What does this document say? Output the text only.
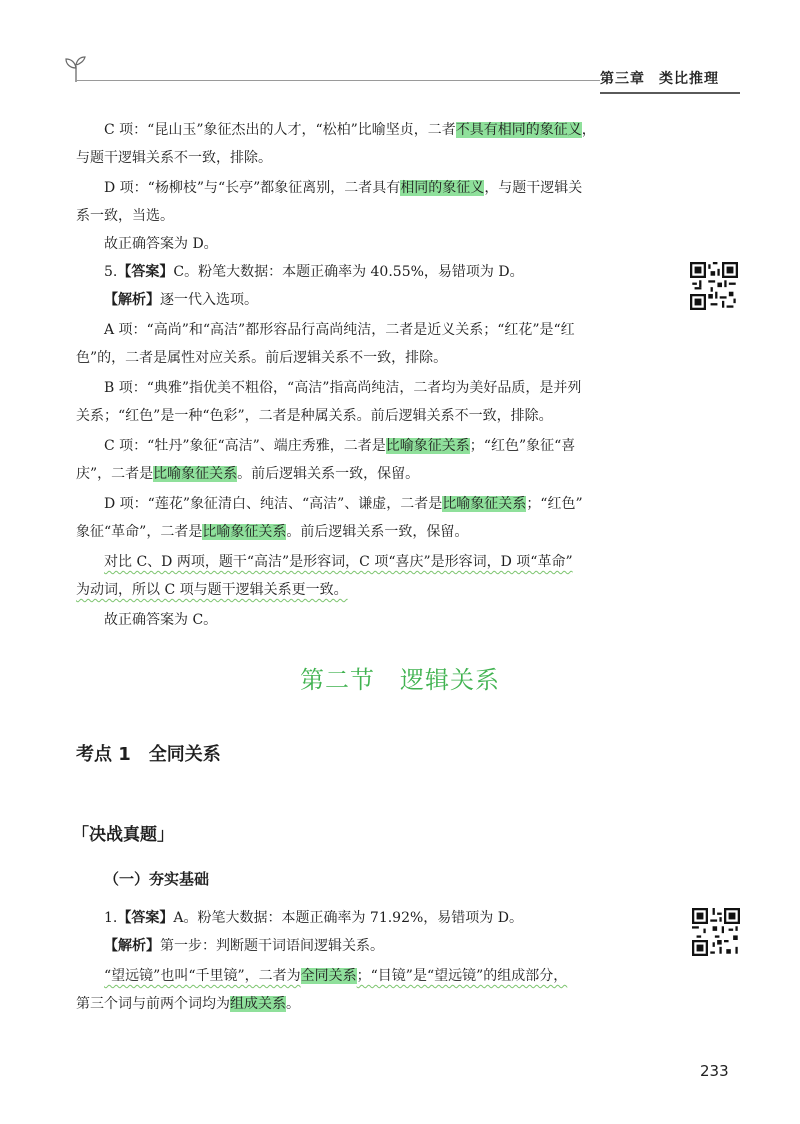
第三章 类比推理
C 项：“昆山玉”象征杰出的人才，“松柏”比喻坚贞，二者不具有相同的象征义，
与题干逻辑关系不一致，排除。
D 项：“杨柳枝”与“长亭”都象征离别，二者具有相同的象征义，与题干逻辑关
系一致，当选。
故正确答案为 D。
5.【答案】C。粉笔大数据：本题正确率为 40.55%，易错项为 D。
【解析】逐一代入选项。
A 项：“高尚”和“高洁”都形容品行高尚纯洁，二者是近义关系；“红花”是“红
色”的，二者是属性对应关系。前后逻辑关系不一致，排除。
B 项：“典雅”指优美不粗俗，“高洁”指高尚纯洁，二者均为美好品质，是并列
关系；“红色”是一种“色彩”，二者是种属关系。前后逻辑关系不一致，排除。
C 项：“牡丹”象征“高洁”、端庄秀雅，二者是比喻象征关系；“红色”象征“喜
庆”，二者是比喻象征关系。前后逻辑关系一致，保留。
D 项：“莲花”象征清白、纯洁、“高洁”、谦虚，二者是比喻象征关系；“红色”
象征“革命”，二者是比喻象征关系。前后逻辑关系一致，保留。
对比 C、D 两项，题干“高洁”是形容词，C 项“喜庆”是形容词，D 项“革命”
为动词，所以 C 项与题干逻辑关系更一致。
故正确答案为 C。
第二节　逻辑关系
考点 1　全同关系
「决战真题」
（一）夯实基础
1.【答案】A。粉笔大数据：本题正确率为 71.92%，易错项为 D。
【解析】第一步：判断题干词语间逻辑关系。
“望远镜”也叫“千里镜”，二者为全同关系；“目镜”是“望远镜”的组成部分，
第三个词与前两个词均为组成关系。
233
